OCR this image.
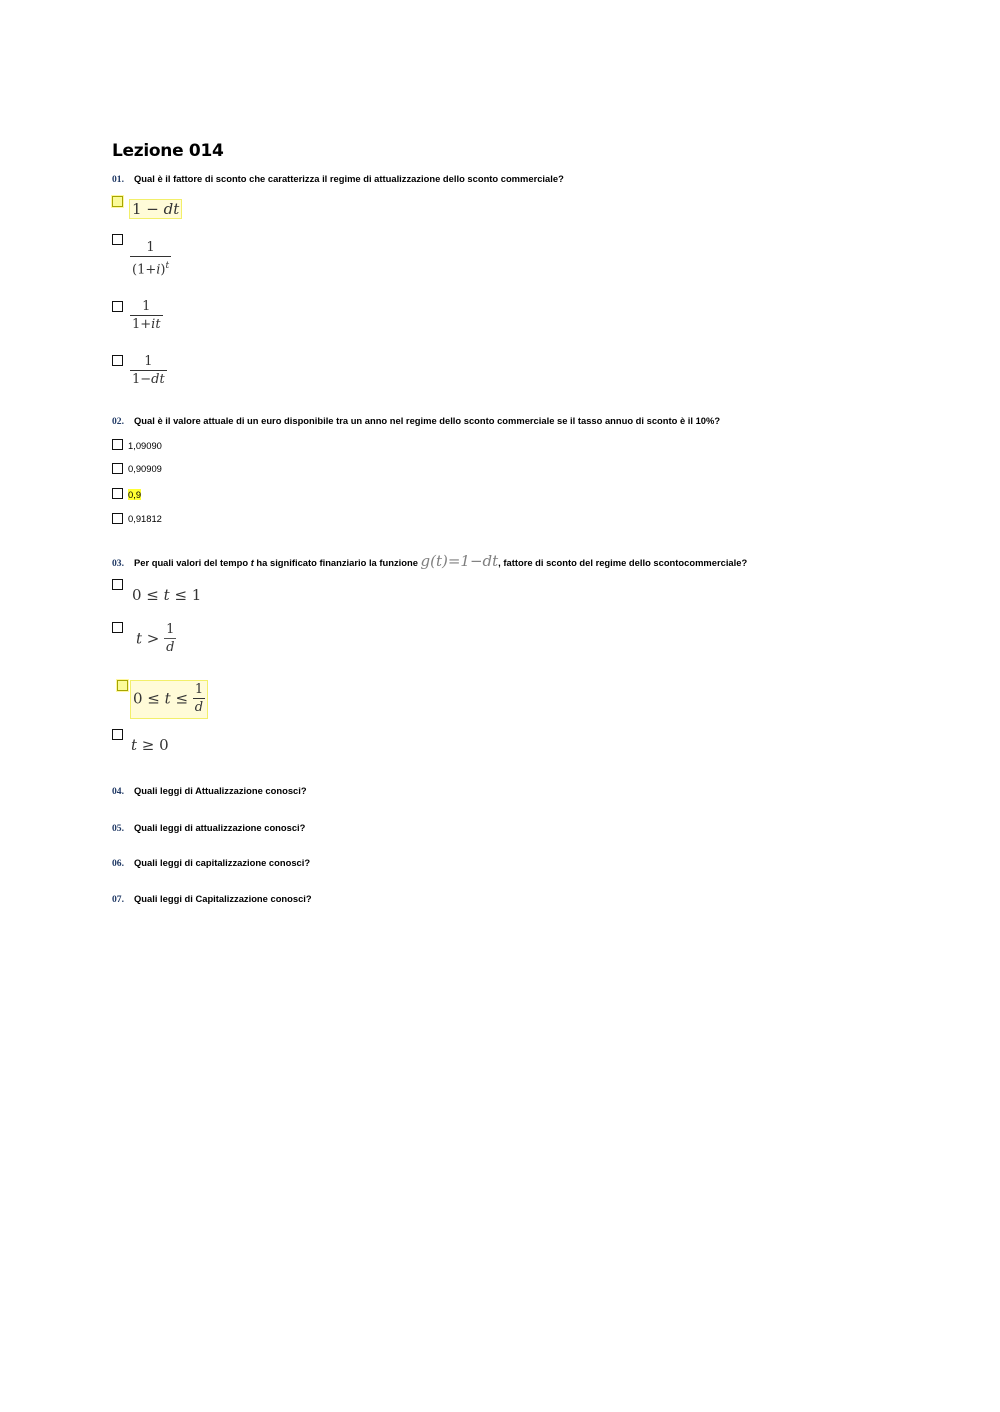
Lezione 014
01. Qual è il fattore di sconto che caratterizza il regime di attualizzazione dello sconto commerciale?
1 − dt
$\frac{1}{(1+i)^t}$
$\frac{1}{1+it}$
$\frac{1}{1-dt}$
02. Qual è il valore attuale di un euro disponibile tra un anno nel regime dello sconto commerciale se il tasso annuo di sconto è il 10%?
1,09090
0,90909
0,9
0,91812
03. Per quali valori del tempo t ha significato finanziario la funzione g(t)=1−dt, fattore di sconto del regime dello scontocommerciale?
0 ≤ t ≤ 1
$t > \frac{1}{d}$
$0 \le t \le \frac{1}{d}$
t ≥ 0
04. Quali leggi di Attualizzazione conosci?
05. Quali leggi di attualizzazione conosci?
06. Quali leggi di capitalizzazione conosci?
07. Quali leggi di Capitalizzazione conosci?
